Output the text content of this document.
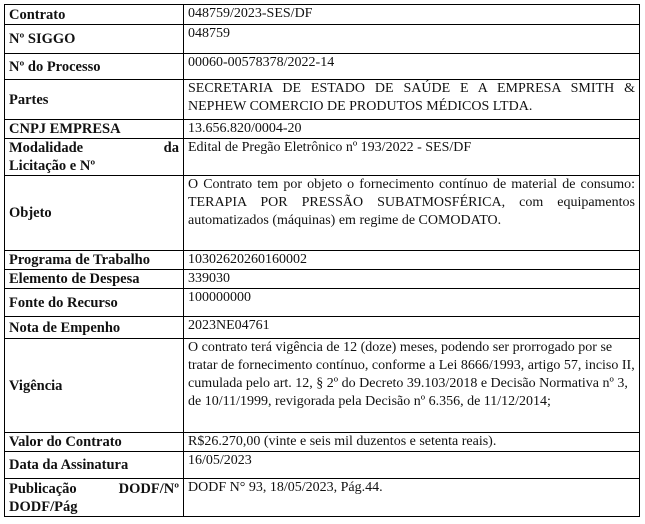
Contrato	048759/2023-SES/DF
Nº SIGGO	048759
Nº do Processo	00060-00578378/2022-14
Partes	SECRETARIA DE ESTADO DE SAÚDE E A EMPRESA SMITH & NEPHEW COMERCIO DE PRODUTOS MÉDICOS LTDA.
CNPJ EMPRESA	13.656.820/0004-20

Modalidade da
Licitação e Nº	Edital de Pregão Eletrônico nº 193/2022 - SES/DF
Objeto	O Contrato tem por objeto o fornecimento contínuo de material de consumo: TERAPIA POR PRESSÃO SUBATMOSFÉRICA, com equipamentos automatizados (máquinas) em regime de COMODATO.
Programa de Trabalho	10302620260160002
Elemento de Despesa	339030
Fonte do Recurso	100000000
Nota de Empenho	2023NE04761
Vigência	O contrato terá vigência de 12 (doze) meses, podendo ser prorrogado por se tratar de fornecimento contínuo, conforme a Lei 8666/1993, artigo 57, inciso II, cumulada pelo art. 12, § 2º do Decreto 39.103/2018 e Decisão Normativa nº 3, de 10/11/1999, revigorada pela Decisão nº 6.356, de 11/12/2014;
Valor do Contrato	R$26.270,00 (vinte e seis mil duzentos e setenta reais).
Data da Assinatura	16/05/2023

Publicação DODF/Nº
DODF/Pág	DODF N° 93, 18/05/2023, Pág.44.
